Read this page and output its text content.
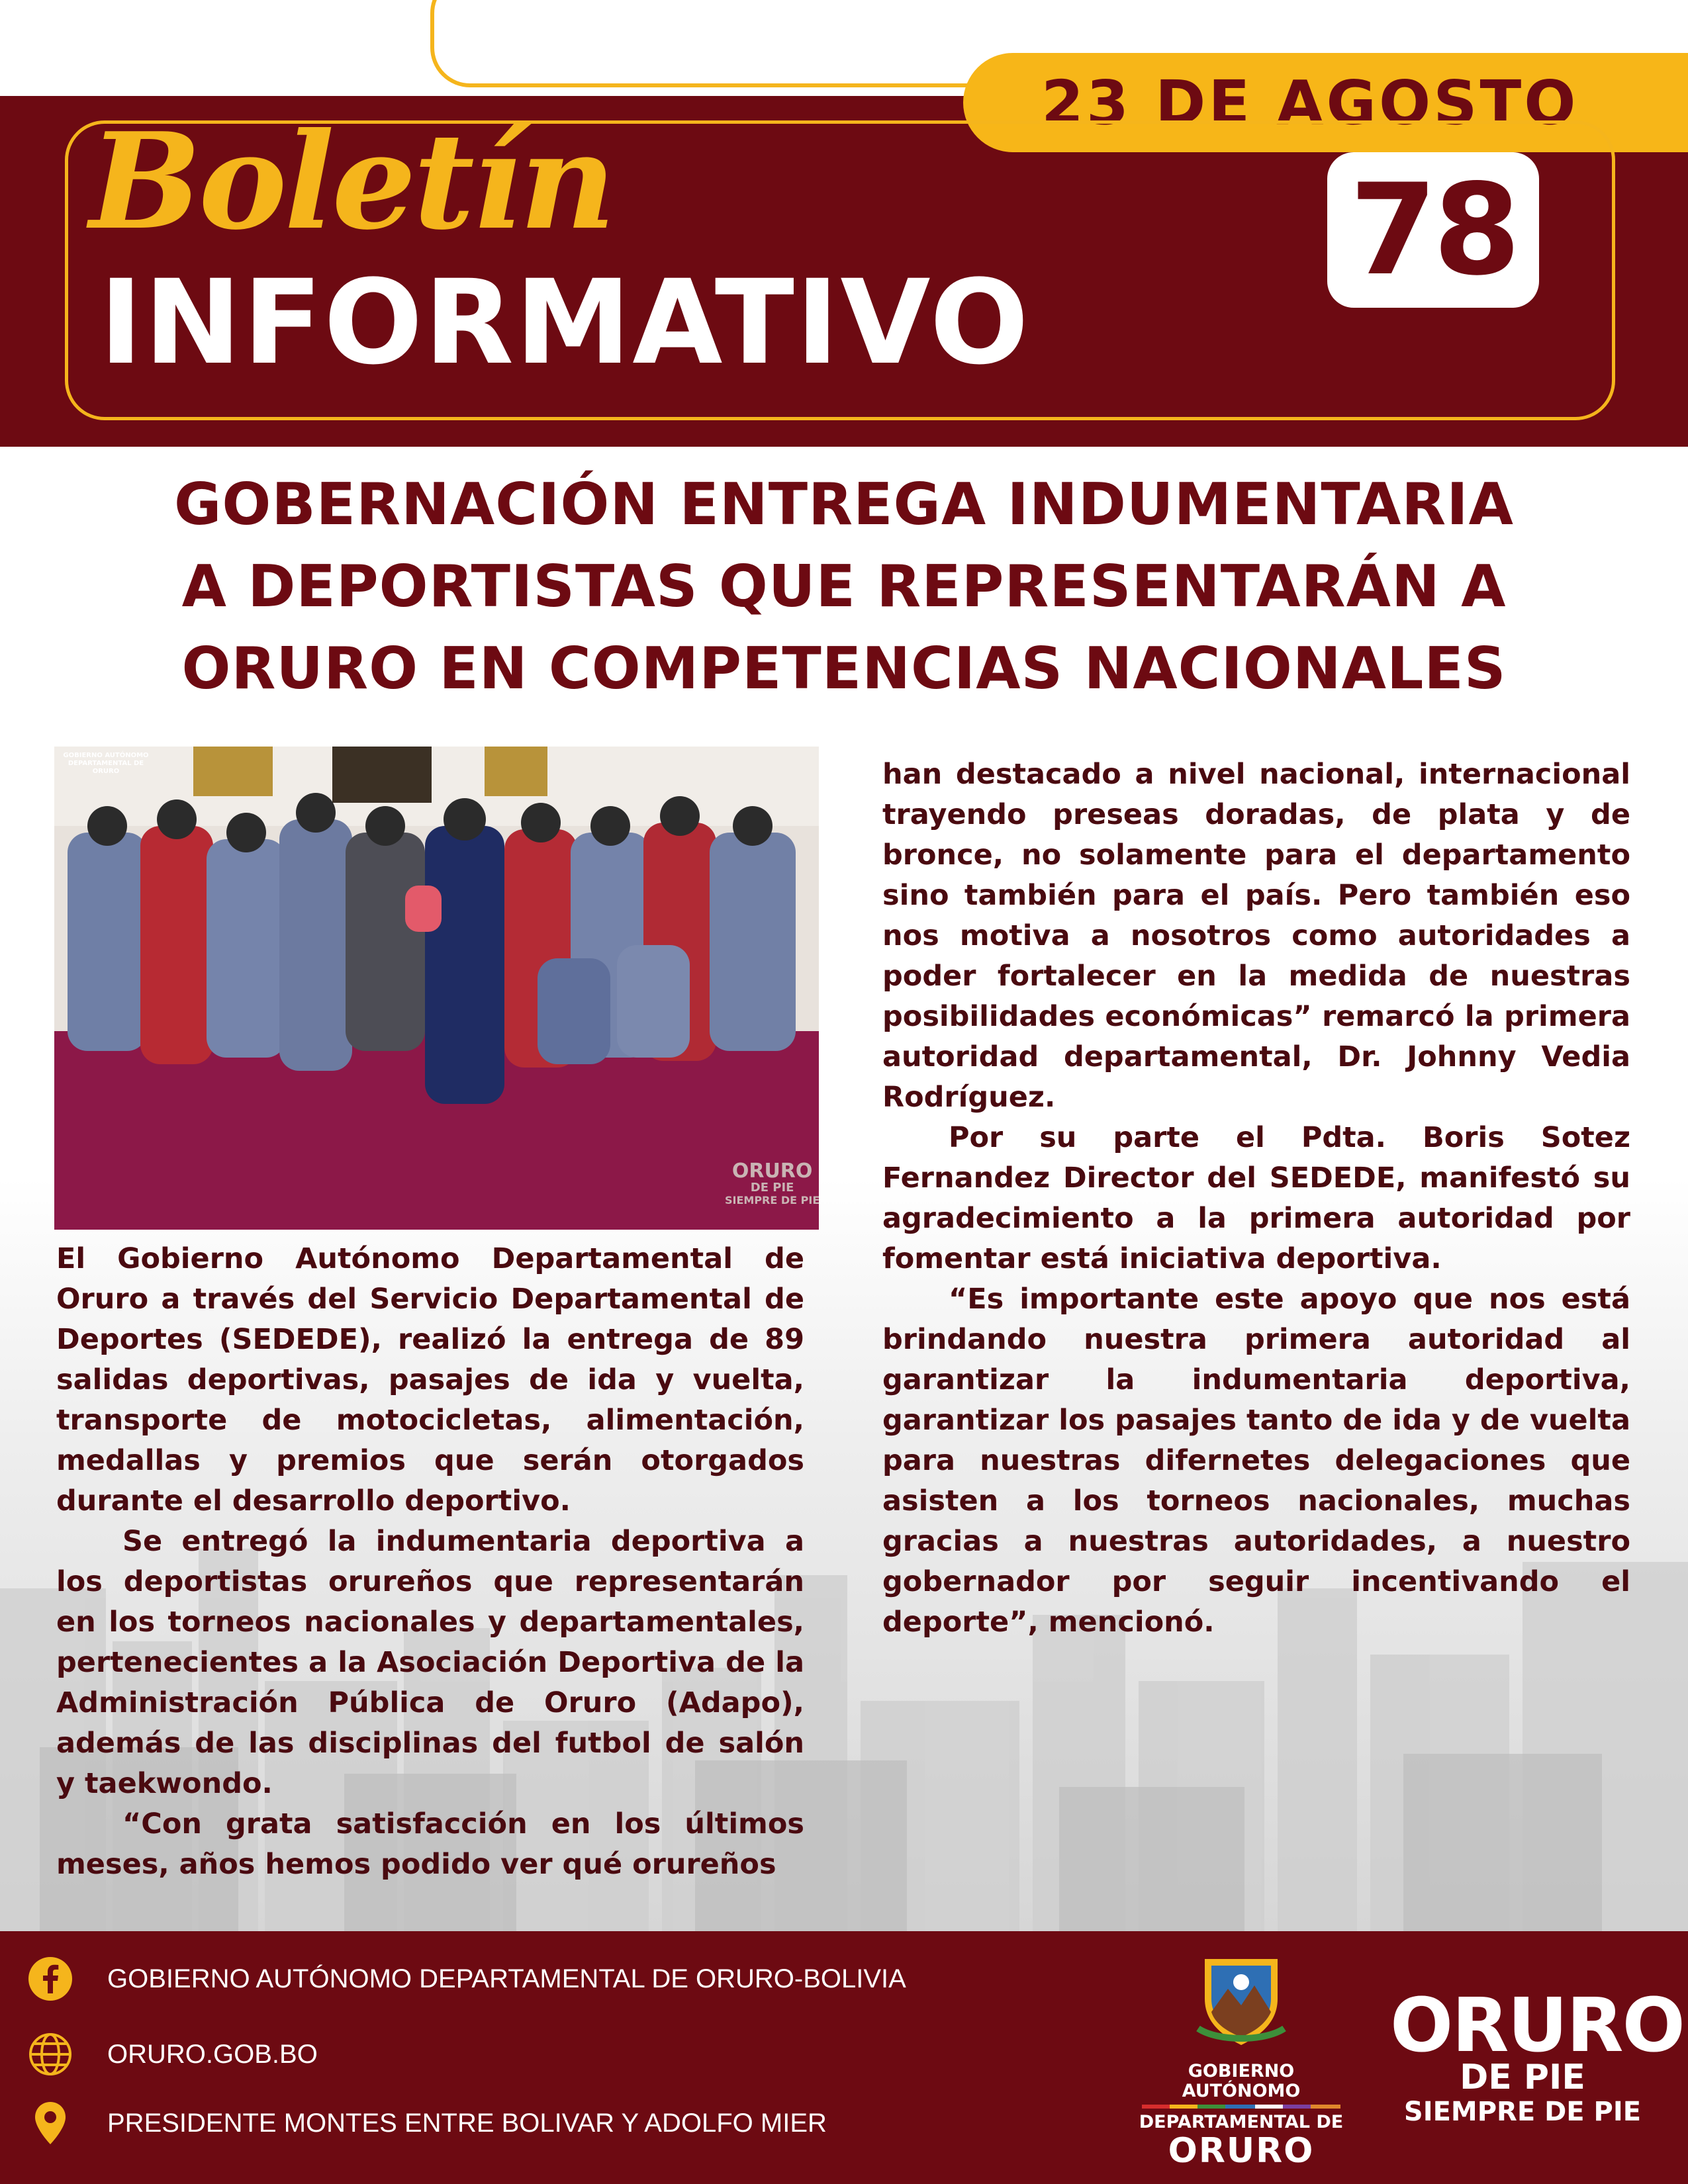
23 DE AGOSTO
Boletín
INFORMATIVO
78
GOBERNACIÓN ENTREGA INDUMENTARIA
A DEPORTISTAS QUE REPRESENTARÁN A
ORURO EN COMPETENCIAS NACIONALES
ORURO
DE PIE
SIEMPRE DE PIE
GOBIERNO AUTÓNOMO DEPARTAMENTAL DE ORURO

El Gobierno Autónomo Departamental de Oruro a través del Servicio Departamental de Deportes (SEDEDE), realizó la entrega de 89 salidas deportivas, pasajes de ida y vuelta, transporte de motocicletas, alimentación, medallas y premios que serán otorgados durante el desarrollo deportivo.

Se entregó la indumentaria deportiva a los deportistas orureños que representarán en los torneos nacionales y departamentales, pertenecientes a la Asociación Deportiva de la Administración Pública de Oruro (Adapo), además de las disciplinas del futbol de salón y taekwondo.

“Con grata satisfacción en los últimos meses, años hemos podido ver qué orureños

han destacado a nivel nacional, internacional trayendo preseas doradas, de plata y de bronce, no solamente para el departamento sino también para el país. Pero también eso nos motiva a nosotros como autoridades a poder fortalecer en la medida de nuestras posibilidades económicas” remarcó la primera autoridad departamental, Dr. Johnny Vedia Rodríguez.

Por su parte el Pdta. Boris Sotez Fernandez Director del SEDEDE, manifestó su agradecimiento a la primera autoridad por fomentar está iniciativa deportiva.

“Es importante este apoyo que nos está brindando nuestra primera autoridad al garantizar la indumentaria deportiva, garantizar los pasajes tanto de ida y de vuelta para nuestras difernetes delegaciones que asisten a los torneos nacionales, muchas gracias a nuestras autoridades, a nuestro gobernador por seguir incentivando el deporte”, mencionó.

GOBIERNO AUTÓNOMO DEPARTAMENTAL DE ORURO-BOLIVIA
ORURO.GOB.BO
PRESIDENTE MONTES ENTRE BOLIVAR Y ADOLFO MIER
GOBIERNO AUTÓNOMO
DEPARTAMENTAL DE
ORURO
ORURO
DE PIE
SIEMPRE DE PIE
